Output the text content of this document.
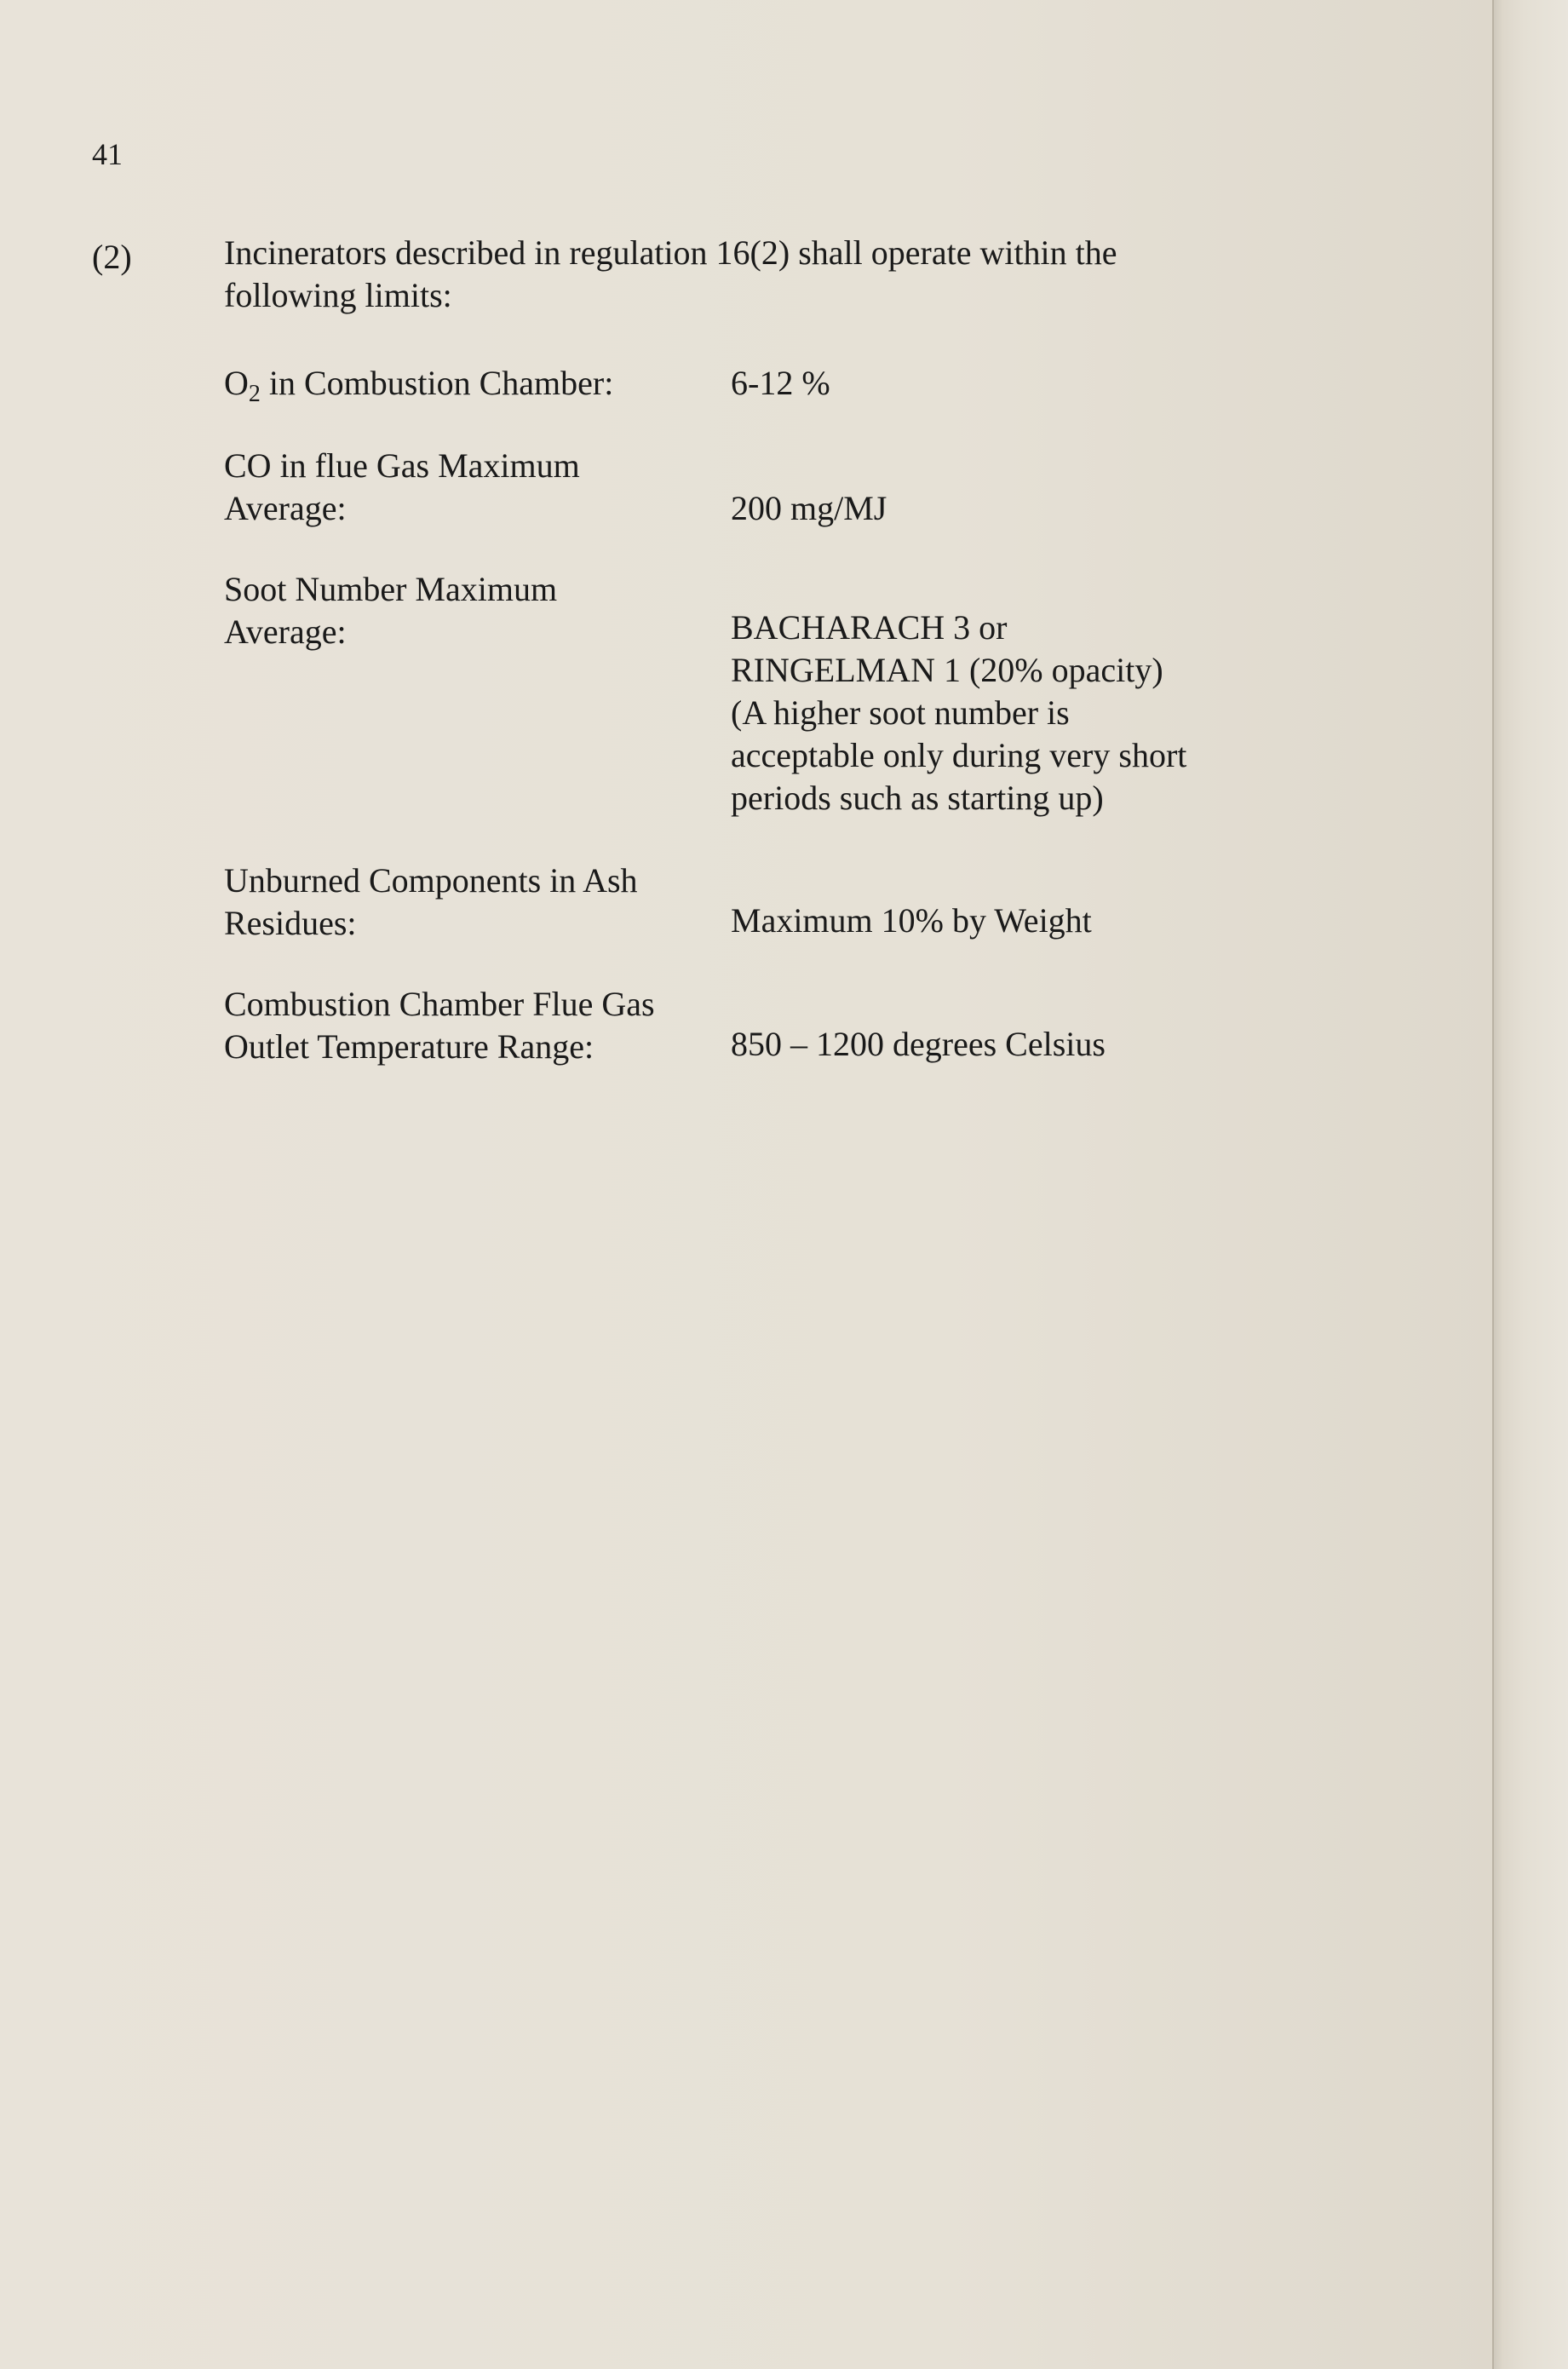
41
(2)	Incinerators described in regulation 16(2) shall operate within the following limits:
$O_2$ in Combustion Chamber:	6-12 %
CO in flue Gas Maximum
Average:	200 mg/MJ
Soot Number Maximum
Average:	BACHARACH 3 or
RINGELMAN 1 (20% opacity)
(A higher soot number is
acceptable only during very short
periods such as starting up)
Unburned Components in Ash
Residues:	Maximum 10% by Weight
Combustion Chamber Flue Gas
Outlet Temperature Range:	850 – 1200 degrees Celsius
